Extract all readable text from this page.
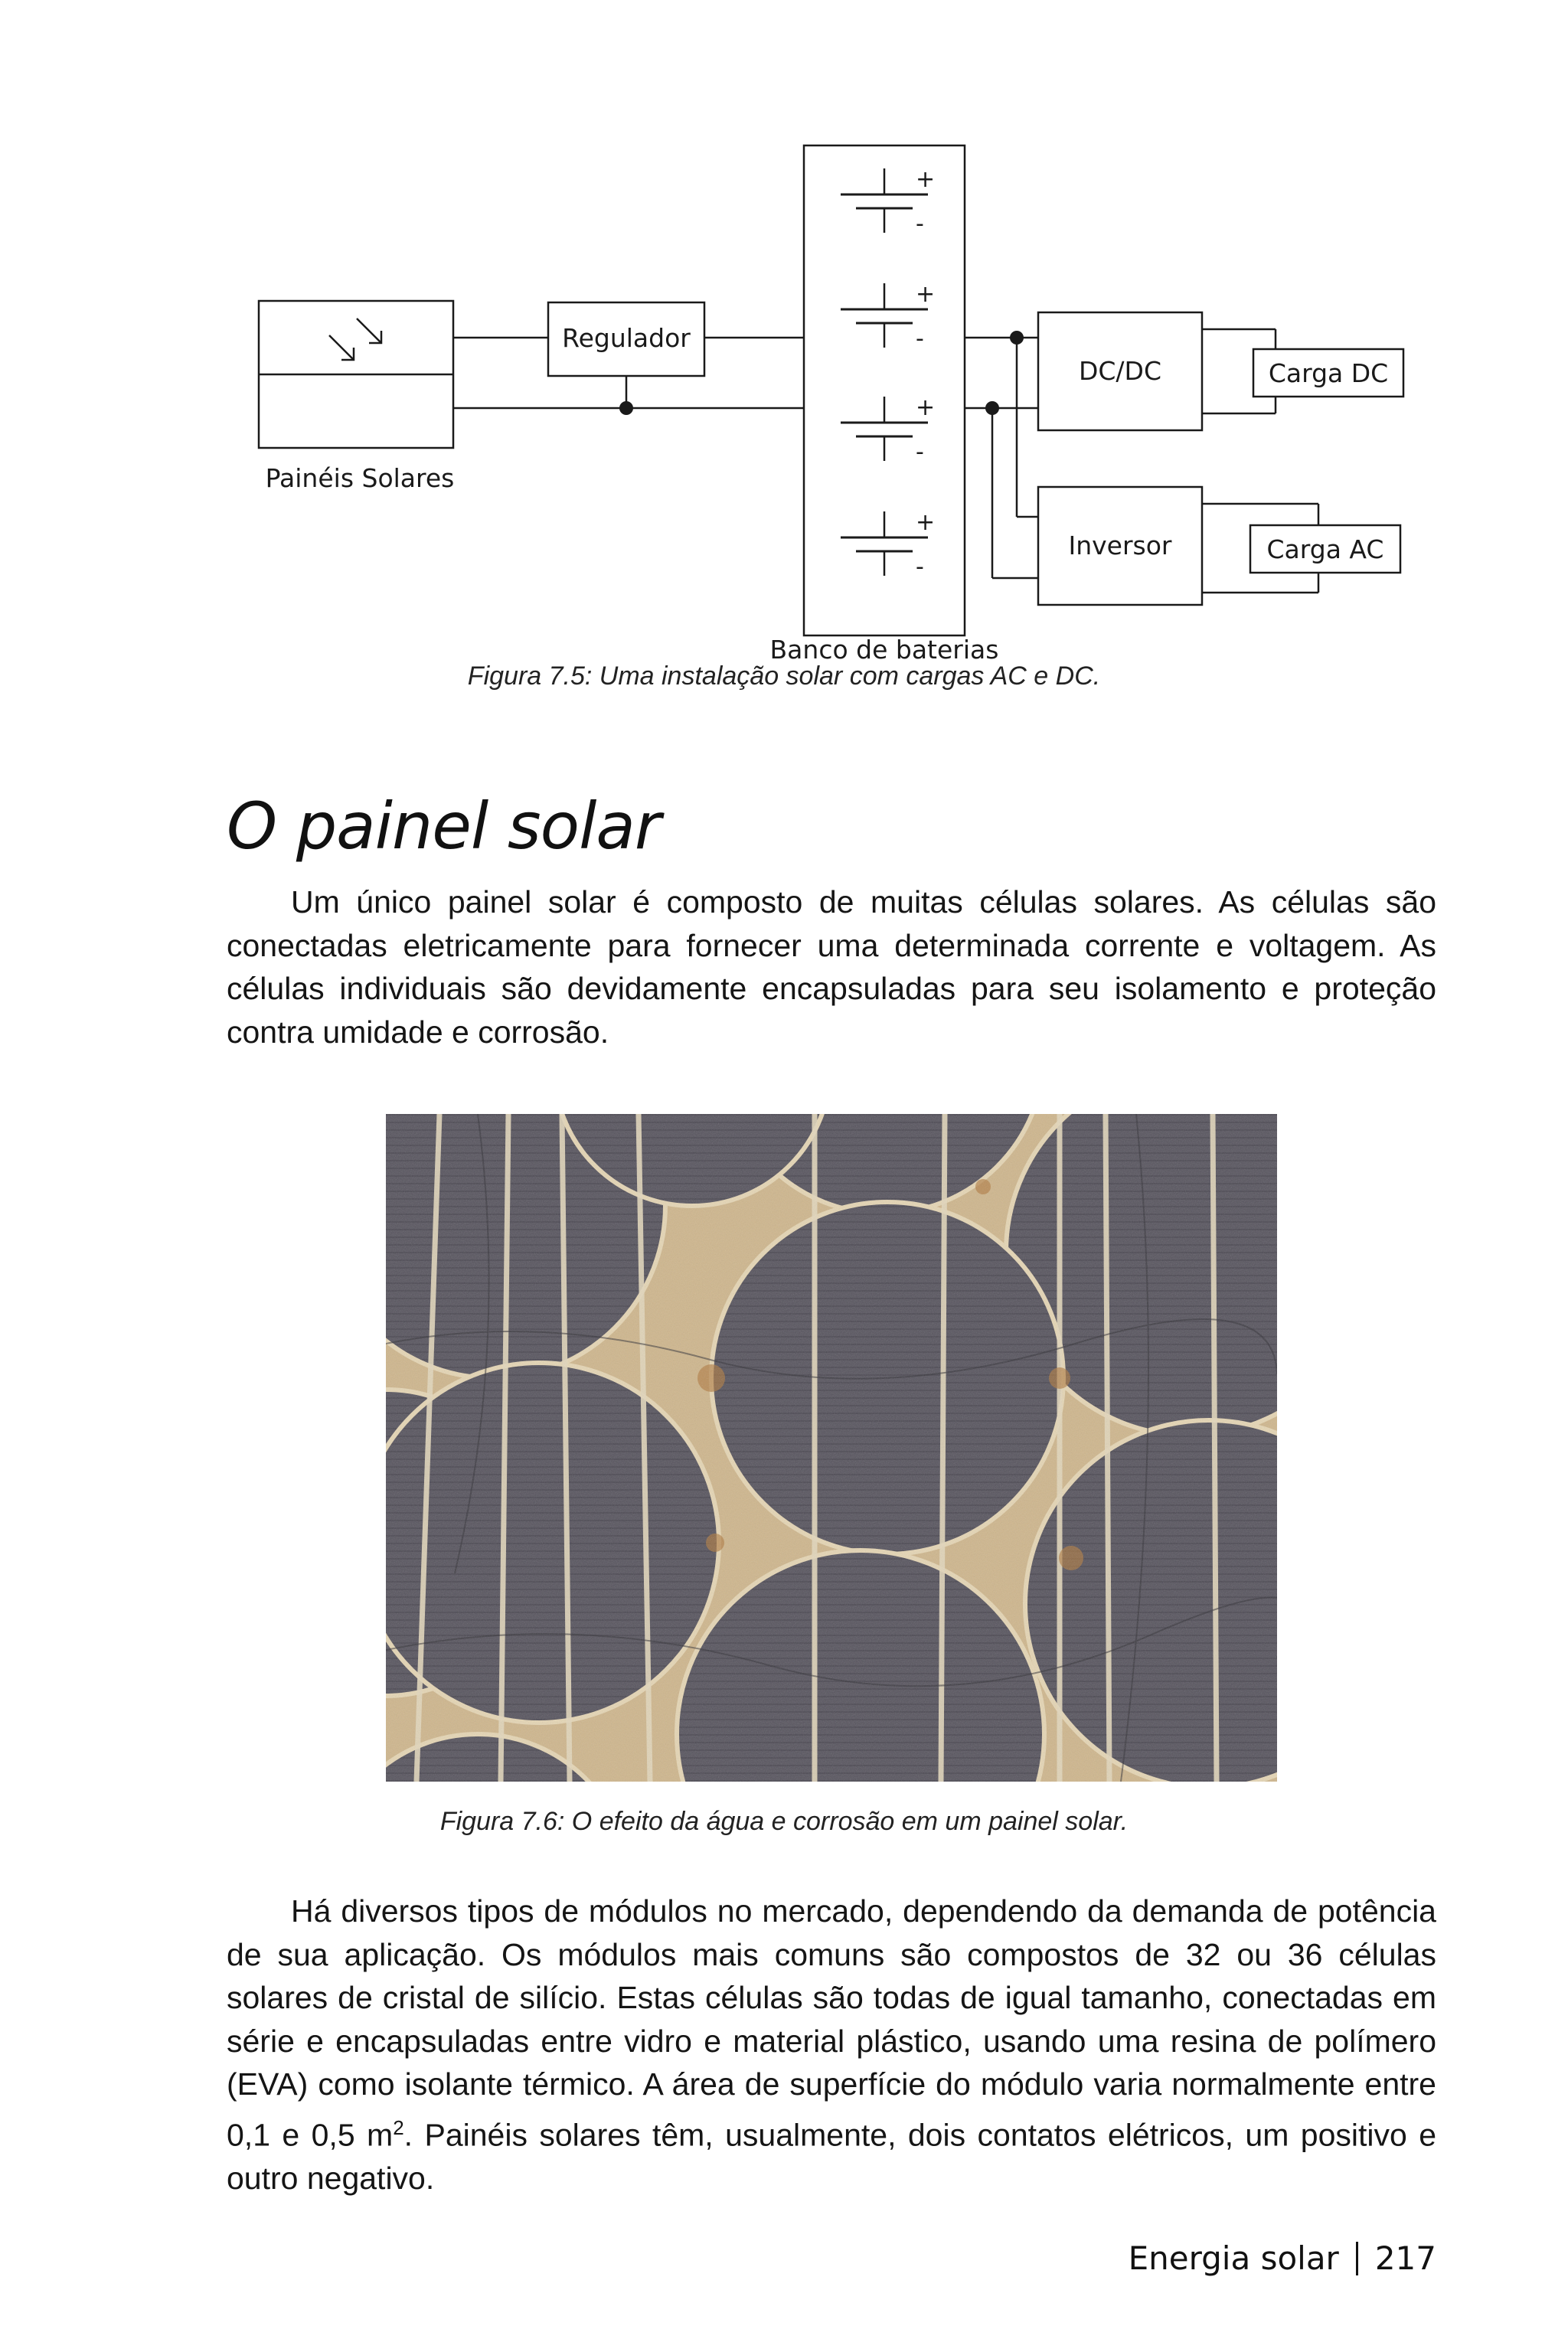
+
-
+
-
+
-
+
-
Painéis Solares
Regulador
Banco de baterias
DC/DC
Inversor
Carga DC
Carga AC
Figura 7.5: Uma instalação solar com cargas AC e DC.
O painel solar

Um único painel solar é composto de muitas células solares. As células são conectadas eletricamente para fornecer uma determinada corrente e voltagem. As células individuais são devidamente encapsuladas para seu isolamento e proteção contra umidade e corrosão.

Figura 7.6: O efeito da água e corrosão em um painel solar.

Há diversos tipos de módulos no mercado, dependendo da demanda de potência de sua aplicação. Os módulos mais comuns são compostos de 32 ou 36 células solares de cristal de silício. Estas células são todas de igual tamanho, conectadas em série e encapsuladas entre vidro e material plástico, usando uma resina de polímero (EVA) como isolante térmico. A área de superfície do módulo varia normalmente entre 0,1 e 0,5 $m^2$. Painéis solares têm, usualmente, dois contatos elétricos, um positivo e outro negativo.

Energia solar 217
